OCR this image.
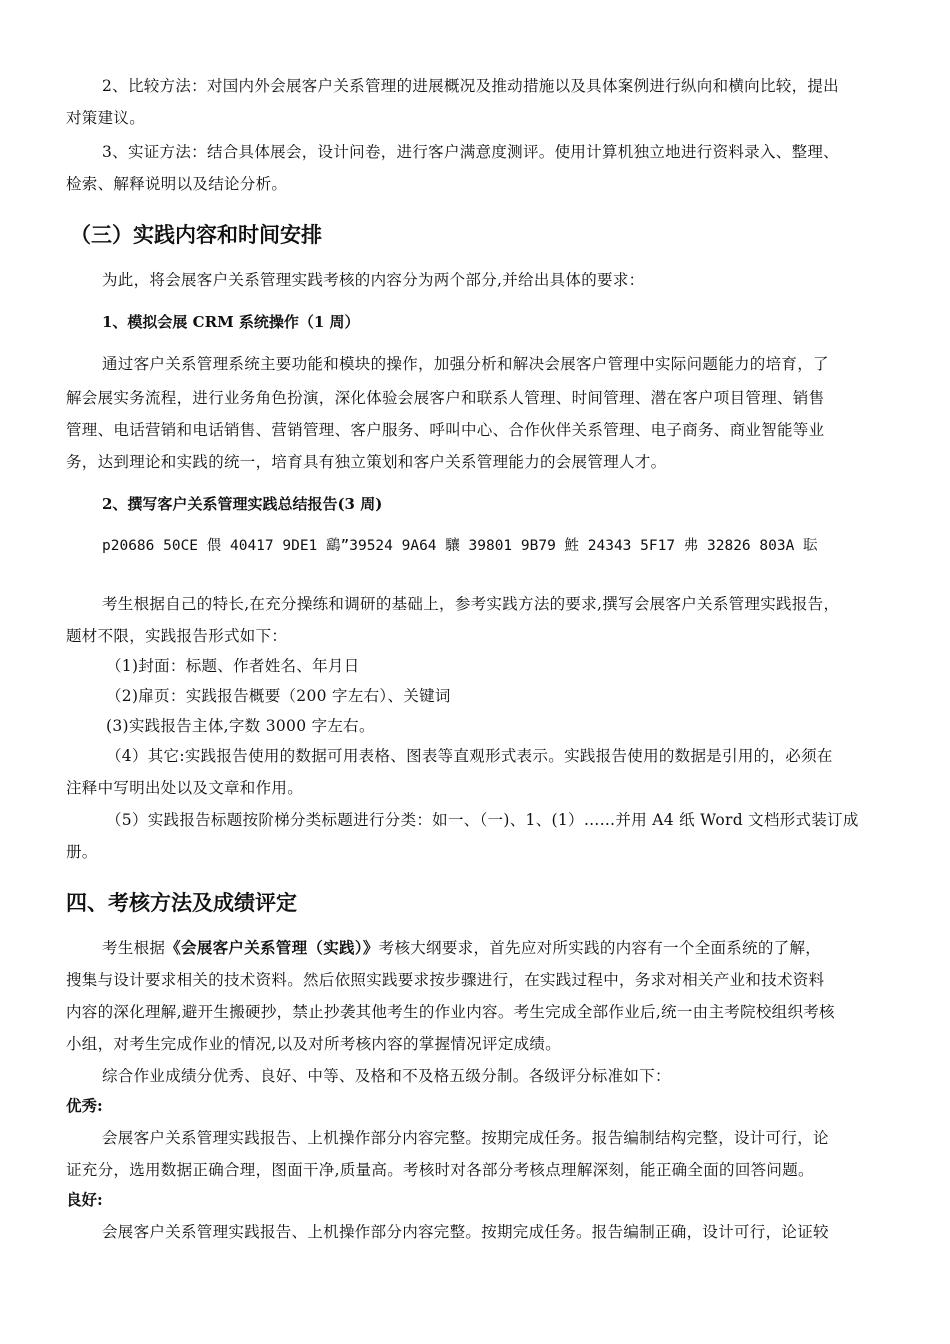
2、比较方法：对国内外会展客户关系管理的进展概况及推动措施以及具体案例进行纵向和横向比较，提出
对策建议。
3、实证方法：结合具体展会，设计问卷，进行客户满意度测评。使用计算机独立地进行资料录入、整理、
检索、解释说明以及结论分析。
（三）实践内容和时间安排
为此，将会展客户关系管理实践考核的内容分为两个部分,并给出具体的要求：
1、模拟会展 CRM 系统操作（1 周）
通过客户关系管理系统主要功能和模块的操作，加强分析和解决会展客户管理中实际问题能力的培育，了
解会展实务流程，进行业务角色扮演，深化体验会展客户和联系人管理、时间管理、潜在客户项目管理、销售
管理、电话营销和电话销售、营销管理、客户服务、呼叫中心、合作伙伴关系管理、电子商务、商业智能等业
务，达到理论和实践的统一，培育具有独立策划和客户关系管理能力的会展管理人才。
2、撰写客户关系管理实践总结报告(3 周)
p20686 50CE 偎 40417 9DE1 鷂”39524 9A64 驤 39801 9B79 鮏 24343 5F17 弗 32826 803A 耺
考生根据自己的特长,在充分操练和调研的基础上，参考实践方法的要求,撰写会展客户关系管理实践报告，
题材不限，实践报告形式如下：
（1)封面：标题、作者姓名、年月日
（2)扉页：实践报告概要（200 字左右）、关键词
(3)实践报告主体,字数 3000 字左右。
（4）其它:实践报告使用的数据可用表格、图表等直观形式表示。实践报告使用的数据是引用的，必须在
注释中写明出处以及文章和作用。
（5）实践报告标题按阶梯分类标题进行分类：如一、（一)、1、(1）……并用 A4 纸 Word 文档形式装订成
册。
四、考核方法及成绩评定
考生根据《会展客户关系管理（实践）》考核大纲要求，首先应对所实践的内容有一个全面系统的了解，
搜集与设计要求相关的技术资料。然后依照实践要求按步骤进行，在实践过程中，务求对相关产业和技术资料
内容的深化理解,避开生搬硬抄，禁止抄袭其他考生的作业内容。考生完成全部作业后,统一由主考院校组织考核
小组，对考生完成作业的情况,以及对所考核内容的掌握情况评定成绩。
综合作业成绩分优秀、良好、中等、及格和不及格五级分制。各级评分标准如下：
优秀:
会展客户关系管理实践报告、上机操作部分内容完整。按期完成任务。报告编制结构完整，设计可行，论
证充分，选用数据正确合理，图面干净,质量高。考核时对各部分考核点理解深刻，能正确全面的回答问题。
良好:
会展客户关系管理实践报告、上机操作部分内容完整。按期完成任务。报告编制正确，设计可行，论证较
